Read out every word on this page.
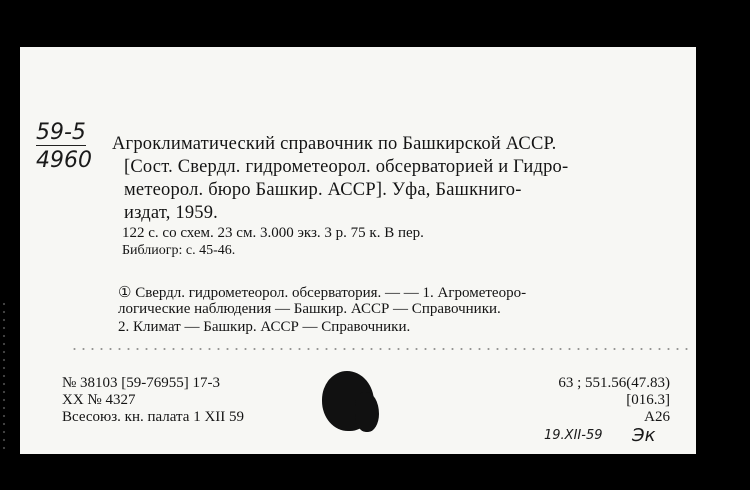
59-5
4960
Агроклиматический справочник по Башкирской АССР.
[Сост. Свердл. гидрометеорол. обсерваторией и Гидро-
метеорол. бюро Башкир. АССР]. Уфа, Башкниго-
издат, 1959.
122 с. со схем. 23 см. 3.000 экз. 3 р. 75 к. В пер.
Библиогр: с. 45-46.
① Свердл. гидрометеорол. обсерватория. — — 1. Агрометеоро-
логические наблюдения — Башкир. АССР — Справочники.
2. Климат — Башкир. АССР — Справочники.
№ 38103 [59-76955] 17-3
ХХ № 4327
Всесоюз. кн. палата 1 XII 59
63 ; 551.56(47.83)
[016.3]
А26
19.XII-59 Эк
